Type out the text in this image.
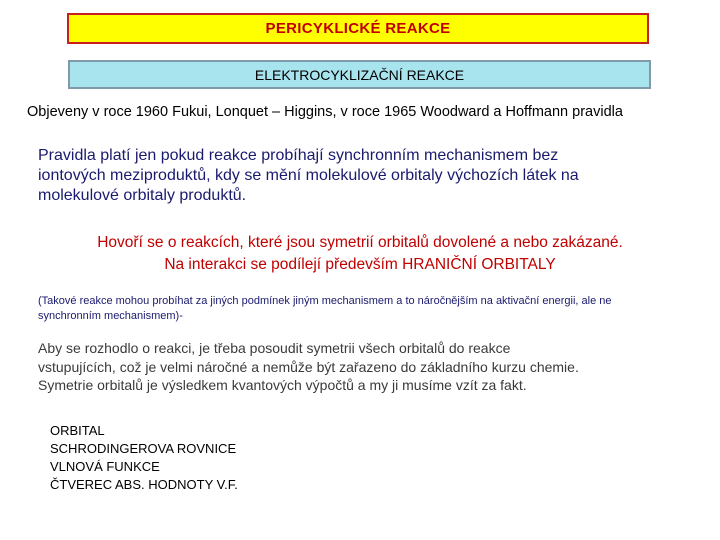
PERICYKLICKÉ REAKCE
ELEKTROCYKLIZAČNÍ REAKCE

Objeveny v roce 1960 Fukui, Lonquet – Higgins, v roce 1965 Woodward a Hoffmann pravidla

Pravidla platí jen pokud reakce probíhají synchronním mechanismem bez
iontových meziproduktů, kdy se mění molekulové orbitaly výchozích látek na
molekulové orbitaly produktů.
Hovoří se o reakcích, které jsou symetrií orbitalů dovolené a nebo zakázané.
Na interakci se podílejí především HRANIČNÍ ORBITALY
(Takové reakce mohou probíhat za jiných podmínek jiným mechanismem a to náročnějším na aktivační energii, ale ne
synchronním mechanismem)-
Aby se rozhodlo o reakci, je třeba posoudit symetrii všech orbitalů do reakce
vstupujících, což je velmi náročné a nemůže být zařazeno do základního kurzu chemie.
Symetrie orbitalů je výsledkem kvantových výpočtů a my ji musíme vzít za fakt.
ORBITAL
SCHRODINGEROVA ROVNICE
VLNOVÁ FUNKCE
ČTVEREC ABS. HODNOTY V.F.
